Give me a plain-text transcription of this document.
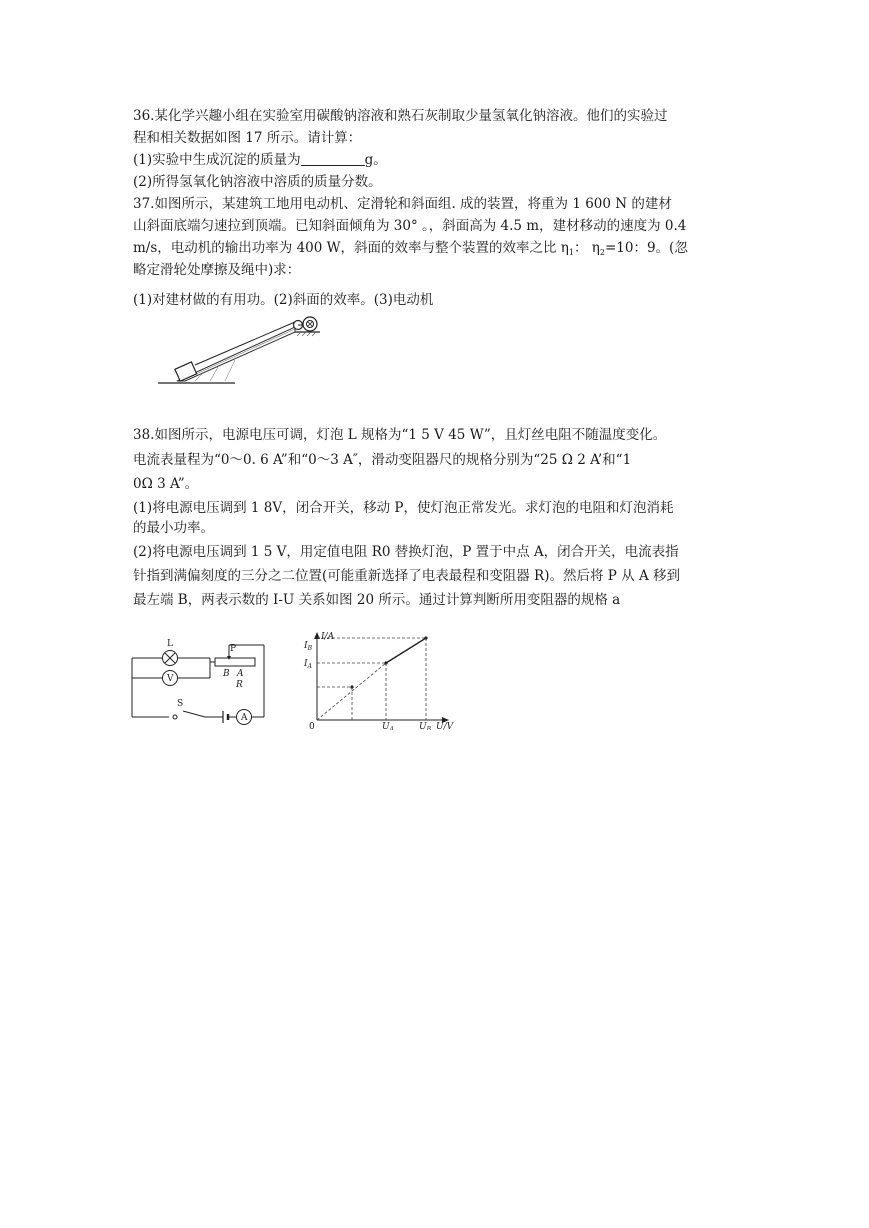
36.某化学兴趣小组在实验室用碳酸钠溶液和熟石灰制取少量氢氧化钠溶液。他们的实验过
程和相关数据如图 17 所示。请计算：
(1)实验中生成沉淀的质量为	g。
(2)所得氢氧化钠溶液中溶质的质量分数。
37.如图所示，某建筑工地用电动机、定滑轮和斜面组. 成的装置，将重为 1 600 N 的建材
山斜面底端匀速拉到顶端。已知斜面倾角为 30° 。，斜面高为 4.5 m，建材移动的速度为 0.4
m/s，电动机的输出功率为 400 W，斜面的效率与整个装置的效率之比 $\eta_1$： $\eta_2=10$：9。(忽
略定滑轮处摩擦及绳中)求：
(1)对建材做的有用功。(2)斜面的效率。(3)电动机
38.如图所示，电源电压可调，灯泡 L 规格为“1 5 V 45 W”，且灯丝电阻不随温度变化。
电流表量程为“0～0. 6 A”和“0～3 A″，滑动变阻器尺的规格分别为“25 Ω 2 A’和“1
0Ω 3 A”。
(1)将电源电压调到 1 8V，闭合开关，移动 P，使灯泡正常发光。求灯泡的电阻和灯泡消耗
的最小功率。
(2)将电源电压调到 1 5 V，用定值电阻 R0 替换灯泡，P 置于中点 A，闭合开关，电流表指
针指到满偏刻度的三分之二位置(可能重新选择了电表最程和变阻器 R)。然后将 P 从 A 移到
最左端 B，两表示数的 I-U 关系如图 20 所示。通过计算判断所用变阻器的规格 a
L
V
A
S
P
B A
R
I/A
U/V
0
$I_B$
$I_A$
$U_A$	$U_B$
